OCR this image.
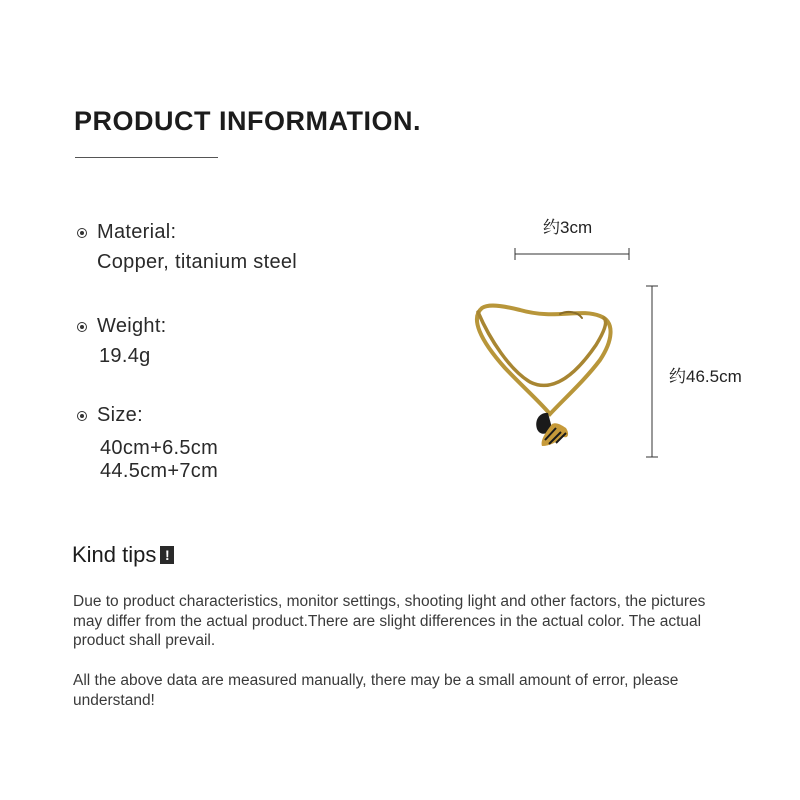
PRODUCT INFORMATION.
Material:
Copper, titanium steel
Weight:
19.4g
Size:
40cm+6.5cm
44.5cm+7cm
约3cm
约46.5cm
Kind tips !
Due to product characteristics, monitor settings, shooting light and other factors, the pictures may differ from the actual product.There are slight differences in the actual color. The actual product shall prevail.
All the above data are measured manually, there may be a small amount of error, please understand!
